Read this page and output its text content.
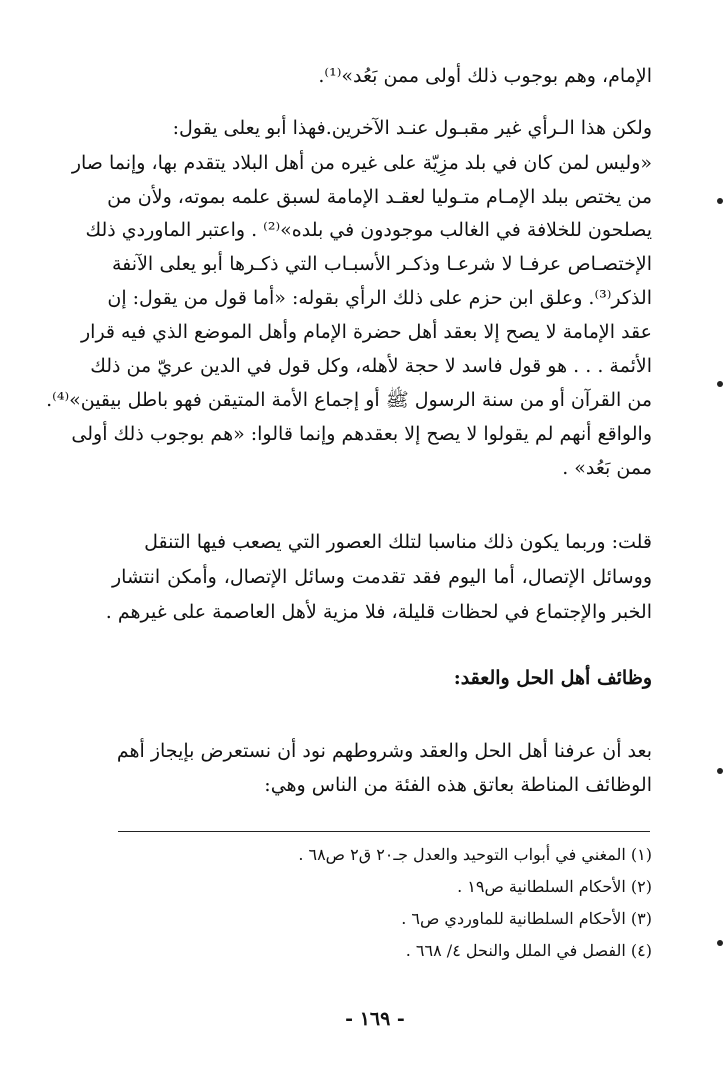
الإمام، وهم بوجوب ذلك أولى ممن بَعُد»⁽¹⁾.
ولكن هذا الـرأي غير مقبـول عنـد الآخرين.فهذا أبو يعلى يقول:
«وليس لمن كان في بلد مزِيّة على غيره من أهل البلاد يتقدم بها، وإنما صار
من يختص ببلد الإمـام متـوليا لعقـد الإمامة لسبق علمه بموته، ولأن من
يصلحون للخلافة في الغالب موجودون في بلده»⁽²⁾ . واعتبر الماوردي ذلك
الإختصـاص عرفـا لا شرعـا وذكـر الأسبـاب التي ذكـرها أبو يعلى الآنفة
الذكر⁽³⁾. وعلق ابن حزم على ذلك الرأي بقوله: «أما قول من يقول: إن
عقد الإمامة لا يصح إلا بعقد أهل حضرة الإمام وأهل الموضع الذي فيه قرار
الأئمة . . . هو قول فاسد لا حجة لأهله، وكل قول في الدين عريّ من ذلك
من القرآن أو من سنة الرسول ﷺ أو إجماع الأمة المتيقن فهو باطل بيقين»⁽⁴⁾.
والواقع أنهم لم يقولوا لا يصح إلا بعقدهم وإنما قالوا: «هم بوجوب ذلك أولى
ممن بَعُد» .
قلت: وربما يكون ذلك مناسبا لتلك العصور التي يصعب فيها التنقل
ووسائل الإتصال، أما اليوم فقد تقدمت وسائل الإتصال، وأمكن انتشار
الخبر والإجتماع في لحظات قليلة، فلا مزية لأهل العاصمة على غيرهم .
وظائف أهل الحل والعقد:
بعد أن عرفنا أهل الحل والعقد وشروطهم نود أن نستعرض بإيجاز أهم
الوظائف المناطة بعاتق هذه الفئة من الناس وهي:
(١) المغني في أبواب التوحيد والعدل جـ٢٠ ق٢ ص٦٨ .
(٢) الأحكام السلطانية ص١٩ .
(٣) الأحكام السلطانية للماوردي ص٦ .
(٤) الفصل في الملل والنحل ٤/ ٦٦٨ .
- ١٦٩ -
